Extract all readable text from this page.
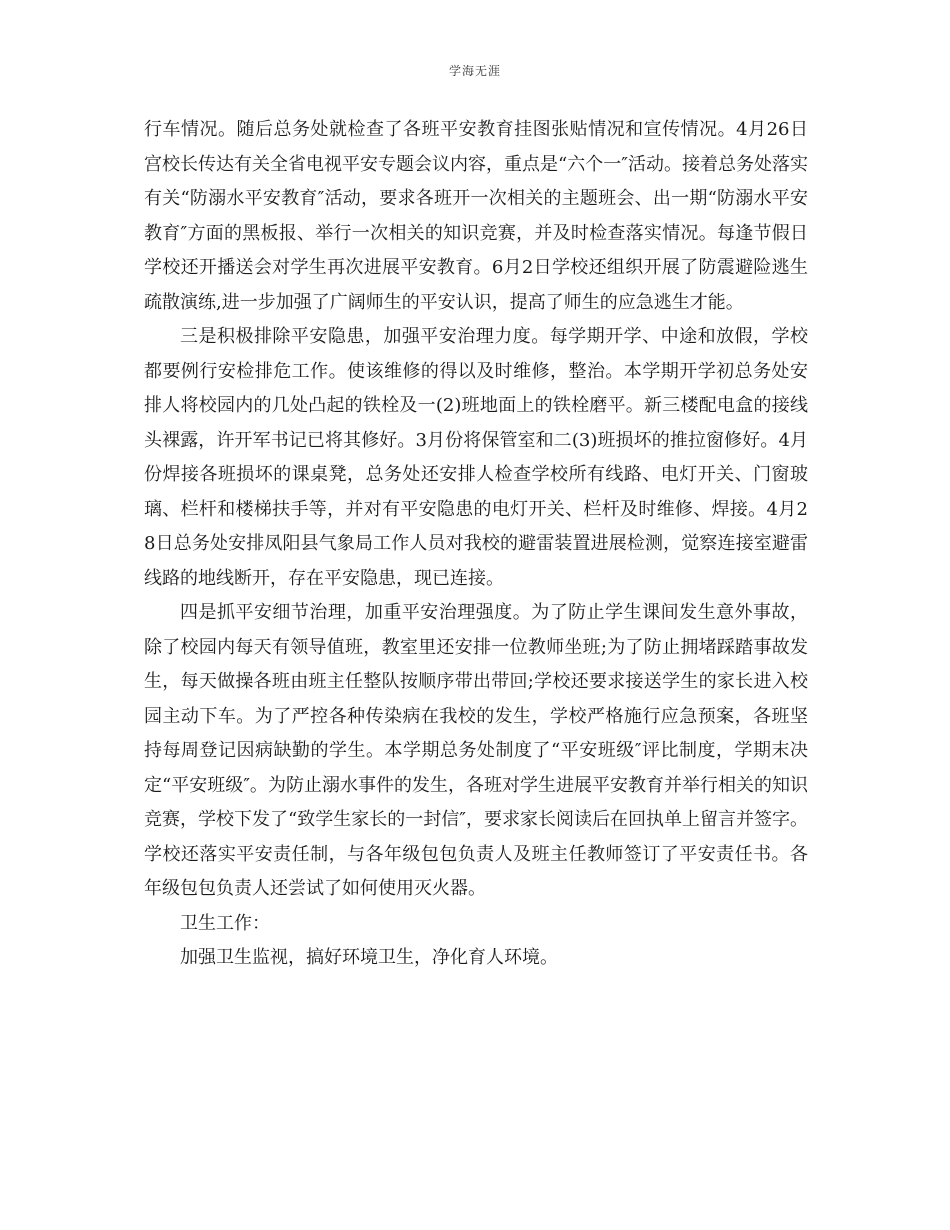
学海无涯

行车情况。随后总务处就检查了各班平安教育挂图张贴情况和宣传情况。4月26日宫校长传达有关全省电视平安专题会议内容，重点是“六个一″活动。接着总务处落实有关“防溺水平安教育″活动，要求各班开一次相关的主题班会、出一期“防溺水平安教育″方面的黑板报、举行一次相关的知识竞赛，并及时检查落实情况。每逢节假日学校还开播送会对学生再次进展平安教育。6月2日学校还组织开展了防震避险逃生疏散演练,进一步加强了广阔师生的平安认识，提高了师生的应急逃生才能。

三是积极排除平安隐患，加强平安治理力度。每学期开学、中途和放假，学校都要例行安检排危工作。使该维修的得以及时维修，整治。本学期开学初总务处安排人将校园内的几处凸起的铁栓及一(2)班地面上的铁栓磨平。新三楼配电盒的接线头裸露，许开军书记已将其修好。3月份将保管室和二(3)班损坏的推拉窗修好。4月份焊接各班损坏的课桌凳，总务处还安排人检查学校所有线路、电灯开关、门窗玻璃、栏杆和楼梯扶手等，并对有平安隐患的电灯开关、栏杆及时维修、焊接。4月28日总务处安排凤阳县气象局工作人员对我校的避雷装置进展检测，觉察连接室避雷线路的地线断开，存在平安隐患，现已连接。

四是抓平安细节治理，加重平安治理强度。为了防止学生课间发生意外事故，除了校园内每天有领导值班，教室里还安排一位教师坐班;为了防止拥堵踩踏事故发生，每天做操各班由班主任整队按顺序带出带回;学校还要求接送学生的家长进入校园主动下车。为了严控各种传染病在我校的发生，学校严格施行应急预案，各班坚持每周登记因病缺勤的学生。本学期总务处制度了“平安班级″评比制度，学期末决定“平安班级″。为防止溺水事件的发生，各班对学生进展平安教育并举行相关的知识竞赛，学校下发了“致学生家长的一封信″，要求家长阅读后在回执单上留言并签字。学校还落实平安责任制，与各年级包包负责人及班主任教师签订了平安责任书。各年级包包负责人还尝试了如何使用灭火器。

卫生工作：

加强卫生监视，搞好环境卫生，净化育人环境。
